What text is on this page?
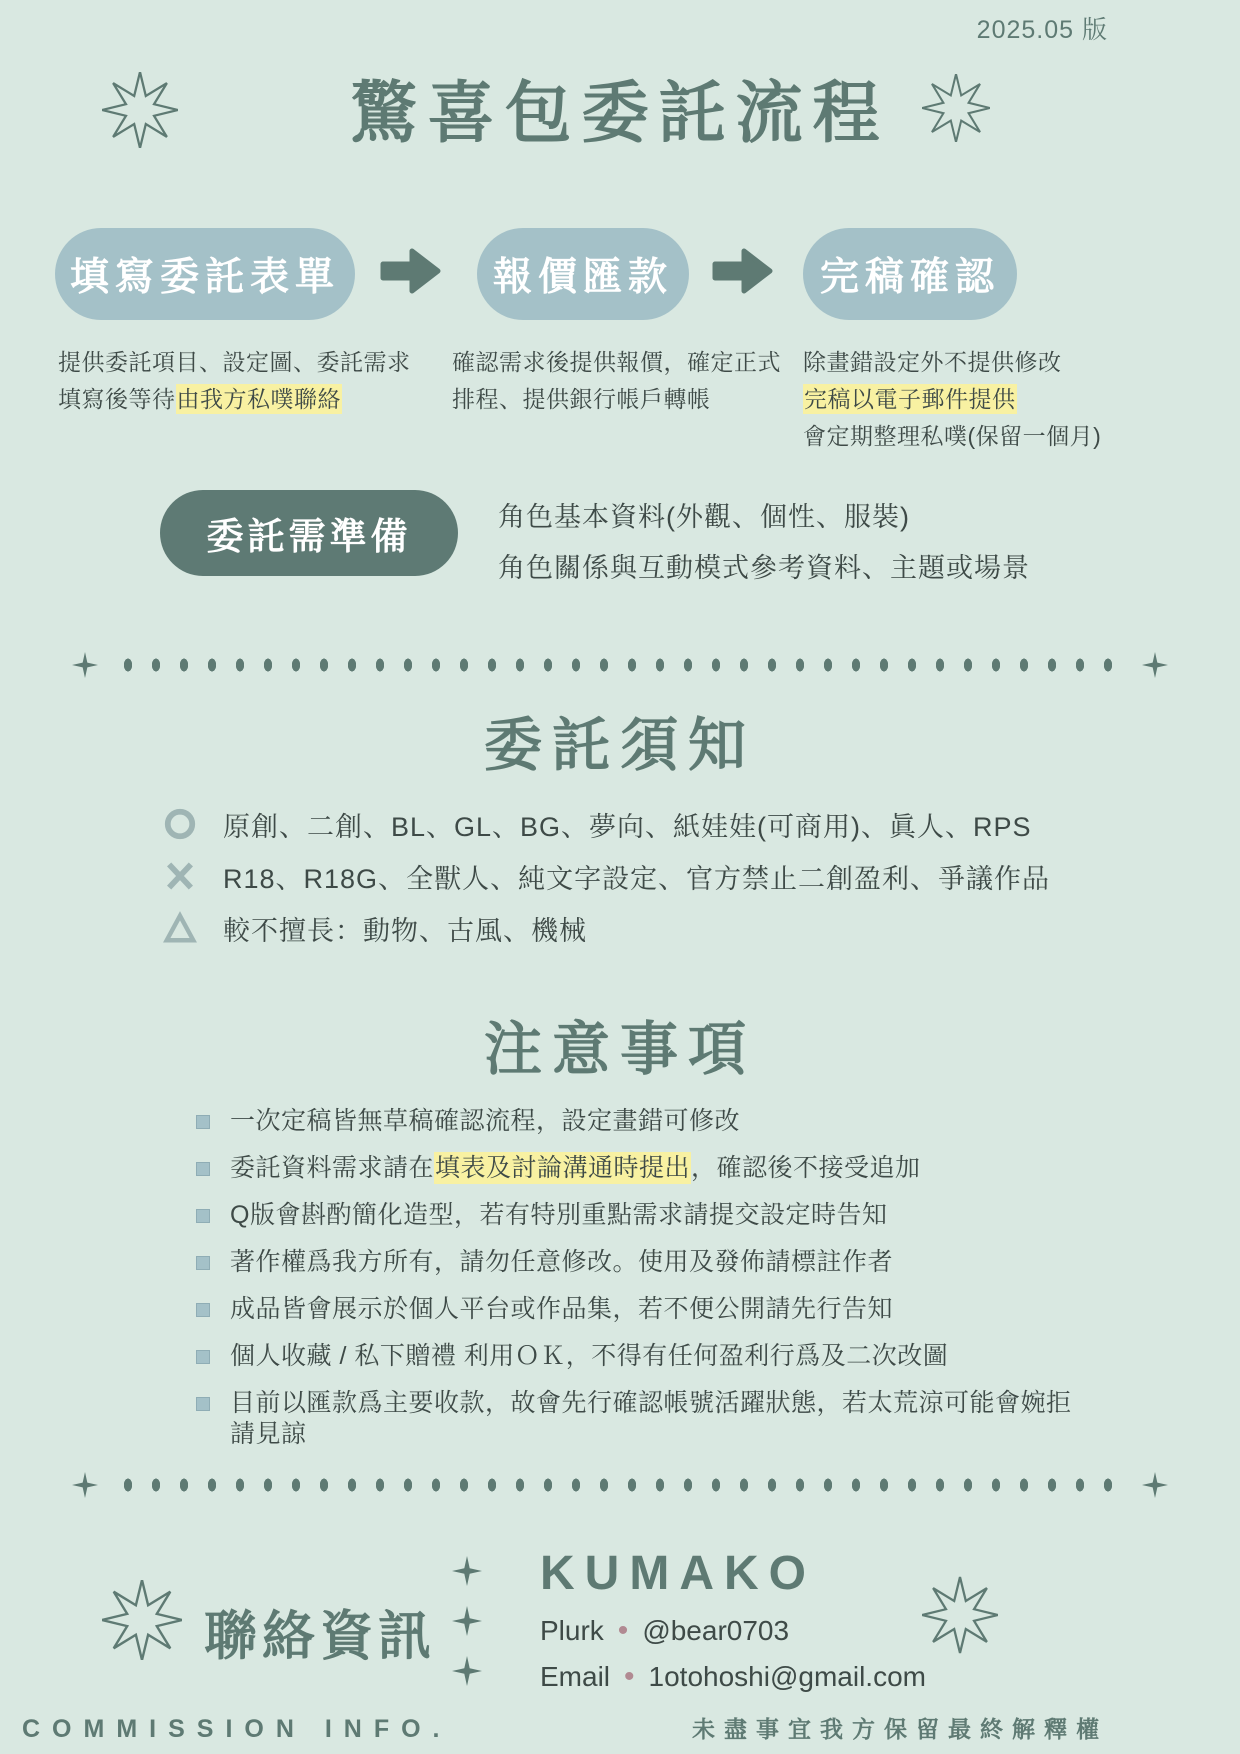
2025.05 版
驚喜包委託流程
填寫委託表單	報價匯款	完稿確認
提供委託項目、設定圖、委託需求
填寫後等待由我方私噗聯絡
確認需求後提供報價，確定正式
排程、提供銀行帳戶轉帳
除畫錯設定外不提供修改
完稿以電子郵件提供
會定期整理私噗(保留一個月)
委託需準備	角色基本資料(外觀、個性、服裝)
角色關係與互動模式參考資料、主題或場景
委託須知
原創、二創、BL、GL、BG、夢向、紙娃娃(可商用)、眞人、RPS
R18、R18G、全獸人、純文字設定、官方禁止二創盈利、爭議作品
較不擅長：動物、古風、機械
注意事項
一次定稿皆無草稿確認流程，設定畫錯可修改
委託資料需求請在填表及討論溝通時提出，確認後不接受追加
Q版會斟酌簡化造型，若有特別重點需求請提交設定時告知
著作權爲我方所有，請勿任意修改。使用及發佈請標註作者
成品皆會展示於個人平台或作品集，若不便公開請先行告知
個人收藏 / 私下贈禮 利用ＯＫ，不得有任何盈利行爲及二次改圖
目前以匯款爲主要收款，故會先行確認帳號活躍狀態，若太荒涼可能會婉拒請見諒
聯絡資訊
KUMAKO
Plurk • @bear0703
Email • 1otohoshi@gmail.com
COMMISSION INFO.	未盡事宜我方保留最終解釋權
